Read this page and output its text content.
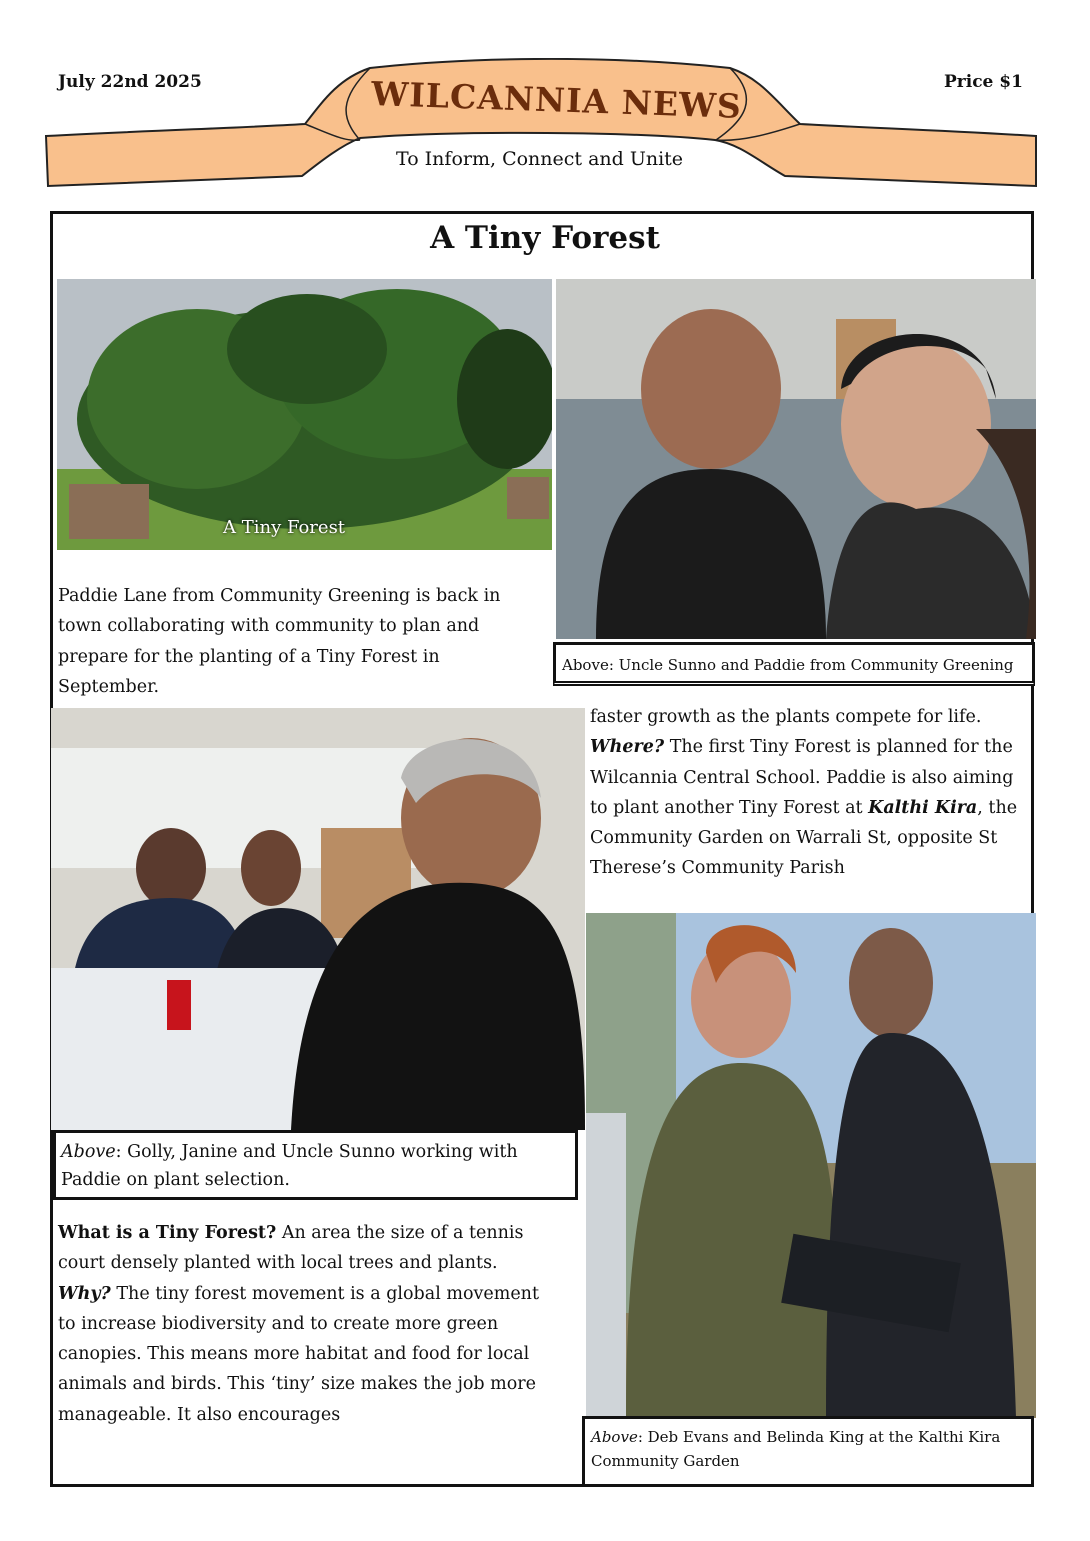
July 22nd 2025	Price $1
WILCANNIA NEWS
To Inform, Connect and Unite
A Tiny Forest
A Tiny Forest
Above: Uncle Sunno and Paddie from Community Greening
Paddie Lane from Community Greening is back in town collaborating with community to plan and prepare for the planting of a Tiny Forest in September.
Above: Golly, Janine and Uncle Sunno working with Paddie on plant selection.
What is a Tiny Forest? An area the size of a tennis court densely planted with local trees and plants.
Why? The tiny forest movement is a global movement to increase biodiversity and to create more green canopies. This means more habitat and food for local animals and birds. This ‘tiny’ size makes the job more manageable. It also encourages
faster growth as the plants compete for life.
Where? The first Tiny Forest is planned for the Wilcannia Central School. Paddie is also aiming to plant another Tiny Forest at Kalthi Kira, the Community Garden on Warrali St, opposite St Therese’s Community Parish
Above: Deb Evans and Belinda King at the Kalthi Kira Community Garden
